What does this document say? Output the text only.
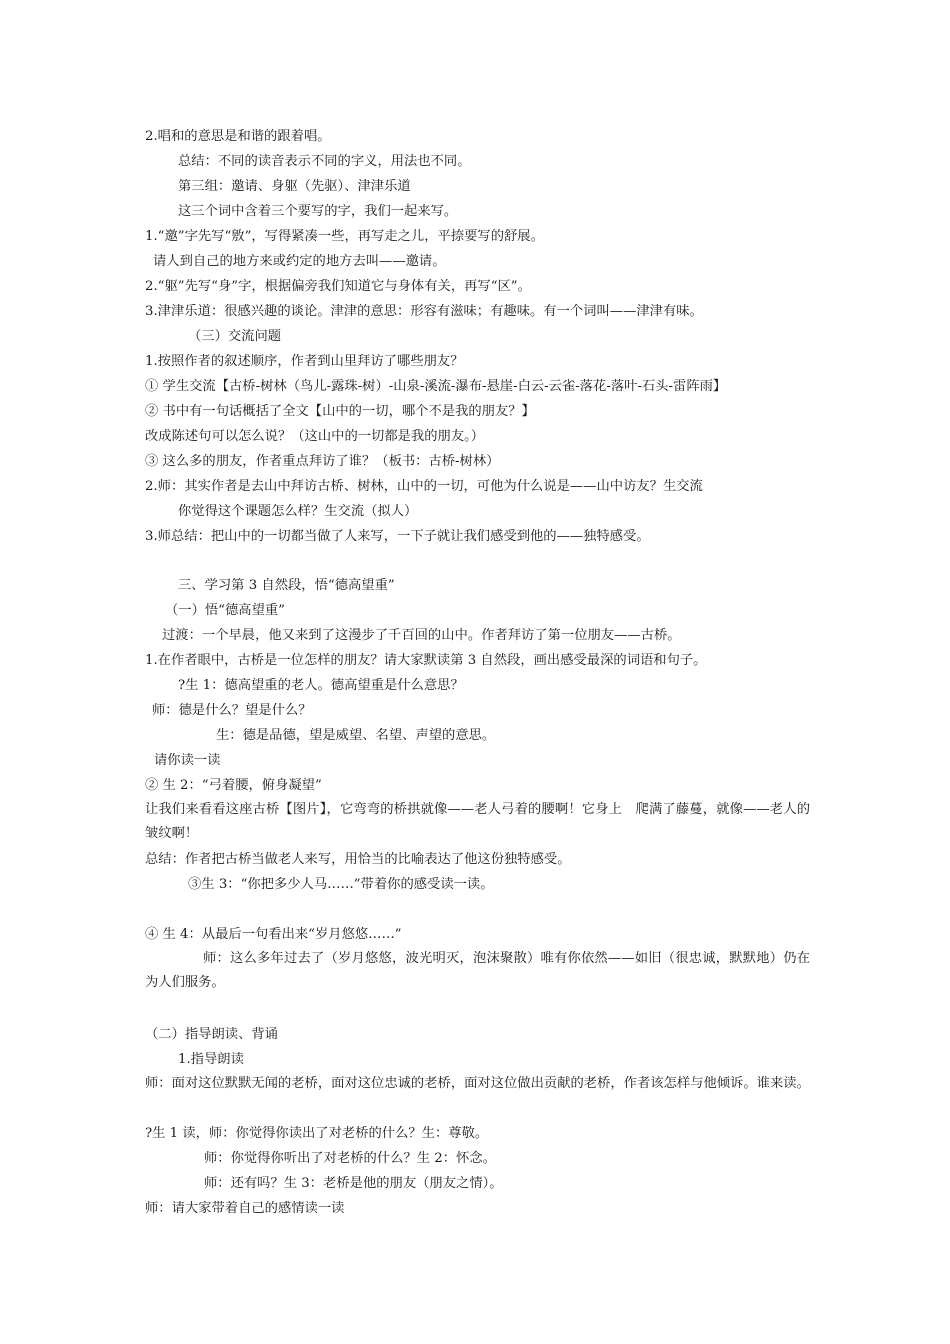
2.唱和的意思是和谐的跟着唱。
总结：不同的读音表示不同的字义，用法也不同。
第三组：邀请、身躯（先驱）、津津乐道
这三个词中含着三个要写的字，我们一起来写。
1.“邀”字先写“敫”，写得紧凑一些，再写走之儿，平捺要写的舒展。
请人到自己的地方来或约定的地方去叫——邀请。
2.“躯”先写“身”字，根据偏旁我们知道它与身体有关，再写“区”。
3.津津乐道：很感兴趣的谈论。津津的意思：形容有滋味；有趣味。有一个词叫——津津有味。
（三）交流问题
1.按照作者的叙述顺序，作者到山里拜访了哪些朋友？
① 学生交流【古桥-树林（鸟儿-露珠-树）-山泉-溪流-瀑布-悬崖-白云-云雀-落花-落叶-石头-雷阵雨】
② 书中有一句话概括了全文【山中的一切，哪个不是我的朋友？】
改成陈述句可以怎么说？（这山中的一切都是我的朋友。）
③ 这么多的朋友，作者重点拜访了谁？（板书：古桥-树林）
2.师：其实作者是去山中拜访古桥、树林，山中的一切，可他为什么说是——山中访友？生交流
你觉得这个课题怎么样？生交流（拟人）
3.师总结：把山中的一切都当做了人来写，一下子就让我们感受到他的——独特感受。
三、学习第 3 自然段，悟“德高望重”
（一）悟“德高望重”
过渡：一个早晨，他又来到了这漫步了千百回的山中。作者拜访了第一位朋友——古桥。
1.在作者眼中，古桥是一位怎样的朋友？请大家默读第 3 自然段，画出感受最深的词语和句子。
?生 1：德高望重的老人。德高望重是什么意思？
师：德是什么？望是什么？
生：德是品德，望是威望、名望、声望的意思。
请你读一读
② 生 2：“弓着腰，俯身凝望”
让我们来看看这座古桥【图片】，它弯弯的桥拱就像——老人弓着的腰啊！它身上　爬满了藤蔓，就像——老人的皱纹啊！
总结：作者把古桥当做老人来写，用恰当的比喻表达了他这份独特感受。
③生 3：“你把多少人马……”带着你的感受读一读。
④ 生 4：从最后一句看出来“岁月悠悠……”
师：这么多年过去了（岁月悠悠，波光明灭，泡沫聚散）唯有你依然——如旧（很忠诚，默默地）仍在为人们服务。
（二）指导朗读、背诵
1.指导朗读
师：面对这位默默无闻的老桥，面对这位忠诚的老桥，面对这位做出贡献的老桥，作者该怎样与他倾诉。谁来读。
?生 1 读，师：你觉得你读出了对老桥的什么？生：尊敬。
师：你觉得你听出了对老桥的什么？生 2：怀念。
师：还有吗？生 3：老桥是他的朋友（朋友之情）。
师：请大家带着自己的感情读一读
